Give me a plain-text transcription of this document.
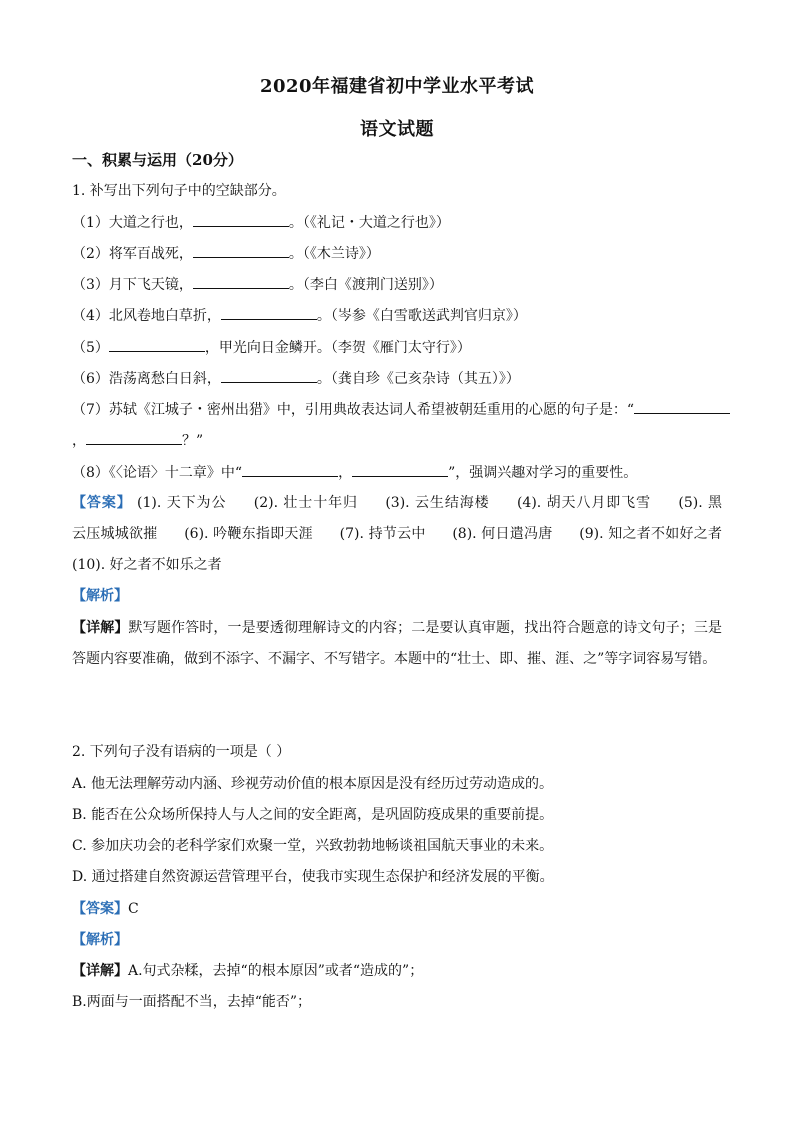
2020年福建省初中学业水平考试
语文试题
一、积累与运用（20分）
1. 补写出下列句子中的空缺部分。
（1）大道之行也，	。（《礼记・大道之行也》）
（2）将军百战死，	。（《木兰诗》）
（3）月下飞天镜，	。（李白《渡荆门送别》）
（4）北风卷地白草折，	。（岑参《白雪歌送武判官归京》）
（5）	，甲光向日金鳞开。（李贺《雁门太守行》）
（6）浩荡离愁白日斜，	。（龚自珍《己亥杂诗（其五）》）
（7）苏轼《江城子・密州出猎》中，引用典故表达词人希望被朝廷重用的心愿的句子是：“
，	？”
（8）《〈论语〉十二章》中“	，	”，强调兴趣对学习的重要性。
【答案】 (1). 天下为公 (2). 壮士十年归 (3). 云生结海楼 (4). 胡天八月即飞雪 (5). 黑
云压城城欲摧 (6). 吟鞭东指即天涯 (7). 持节云中 (8). 何日遣冯唐 (9). 知之者不如好之者
(10). 好之者不如乐之者
【解析】
【详解】默写题作答时，一是要透彻理解诗文的内容；二是要认真审题，找出符合题意的诗文句子；三是
答题内容要准确，做到不添字、不漏字、不写错字。本题中的“壮士、即、摧、涯、之”等字词容易写错。
2. 下列句子没有语病的一项是（ ）
A. 他无法理解劳动内涵、珍视劳动价值的根本原因是没有经历过劳动造成的。
B. 能否在公众场所保持人与人之间的安全距离，是巩固防疫成果的重要前提。
C. 参加庆功会的老科学家们欢聚一堂，兴致勃勃地畅谈祖国航天事业的未来。
D. 通过搭建自然资源运营管理平台，使我市实现生态保护和经济发展的平衡。
【答案】C
【解析】
【详解】A.句式杂糅，去掉“的根本原因”或者“造成的”；
B.两面与一面搭配不当，去掉“能否”；
